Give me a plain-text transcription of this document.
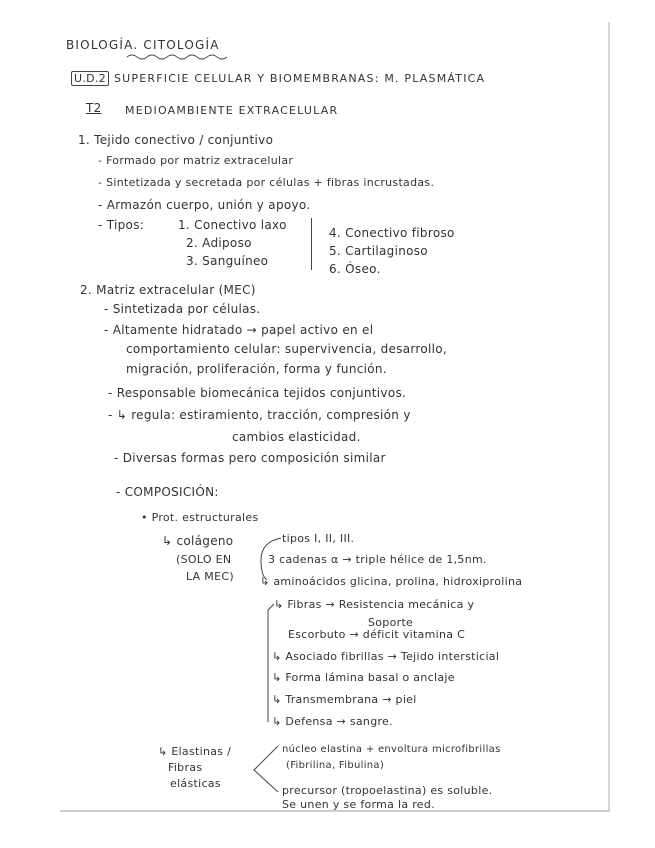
BIOLOGÍA. CITOLOGÍA
U.D.2 SUPERFICIE CELULAR Y BIOMEMBRANAS: M. PLASMÁTICA
T2 MEDIOAMBIENTE EXTRACELULAR
1. Tejido conectivo / conjuntivo
- Formado por matriz extracelular
- Sintetizada y secretada por células + fibras incrustadas.
- Armazón cuerpo, unión y apoyo.
- Tipos:	1. Conectivo laxo
2. Adiposo
3. Sanguíneo
4. Conectivo fibroso
5. Cartilaginoso
6. Óseo.
2. Matriz extracelular (MEC)
- Sintetizada por células.
- Altamente hidratado → papel activo en el
comportamiento celular: supervivencia, desarrollo,
migración, proliferación, forma y función.
- Responsable biomecánica tejidos conjuntivos.
- ↳ regula: estiramiento, tracción, compresión y
cambios elasticidad.
- Diversas formas pero composición similar
- COMPOSICIÓN:
• Prot. estructurales
↳ colágeno
(SOLO EN
LA MEC)
tipos I, II, III.
3 cadenas α → triple hélice de 1,5nm.
↳ aminoácidos glicina, prolina, hidroxiprolina
↳ Fibras → Resistencia mecánica y
Soporte
Escorbuto → déficit vitamina C
↳ Asociado fibrillas → Tejido intersticial
↳ Forma lámina basal o anclaje
↳ Transmembrana → piel
↳ Defensa → sangre.
↳ Elastinas /
Fibras
elásticas
núcleo elastina + envoltura microfibrillas
(Fibrilina, Fibulina)
precursor (tropoelastina) es soluble.
Se unen y se forma la red.
